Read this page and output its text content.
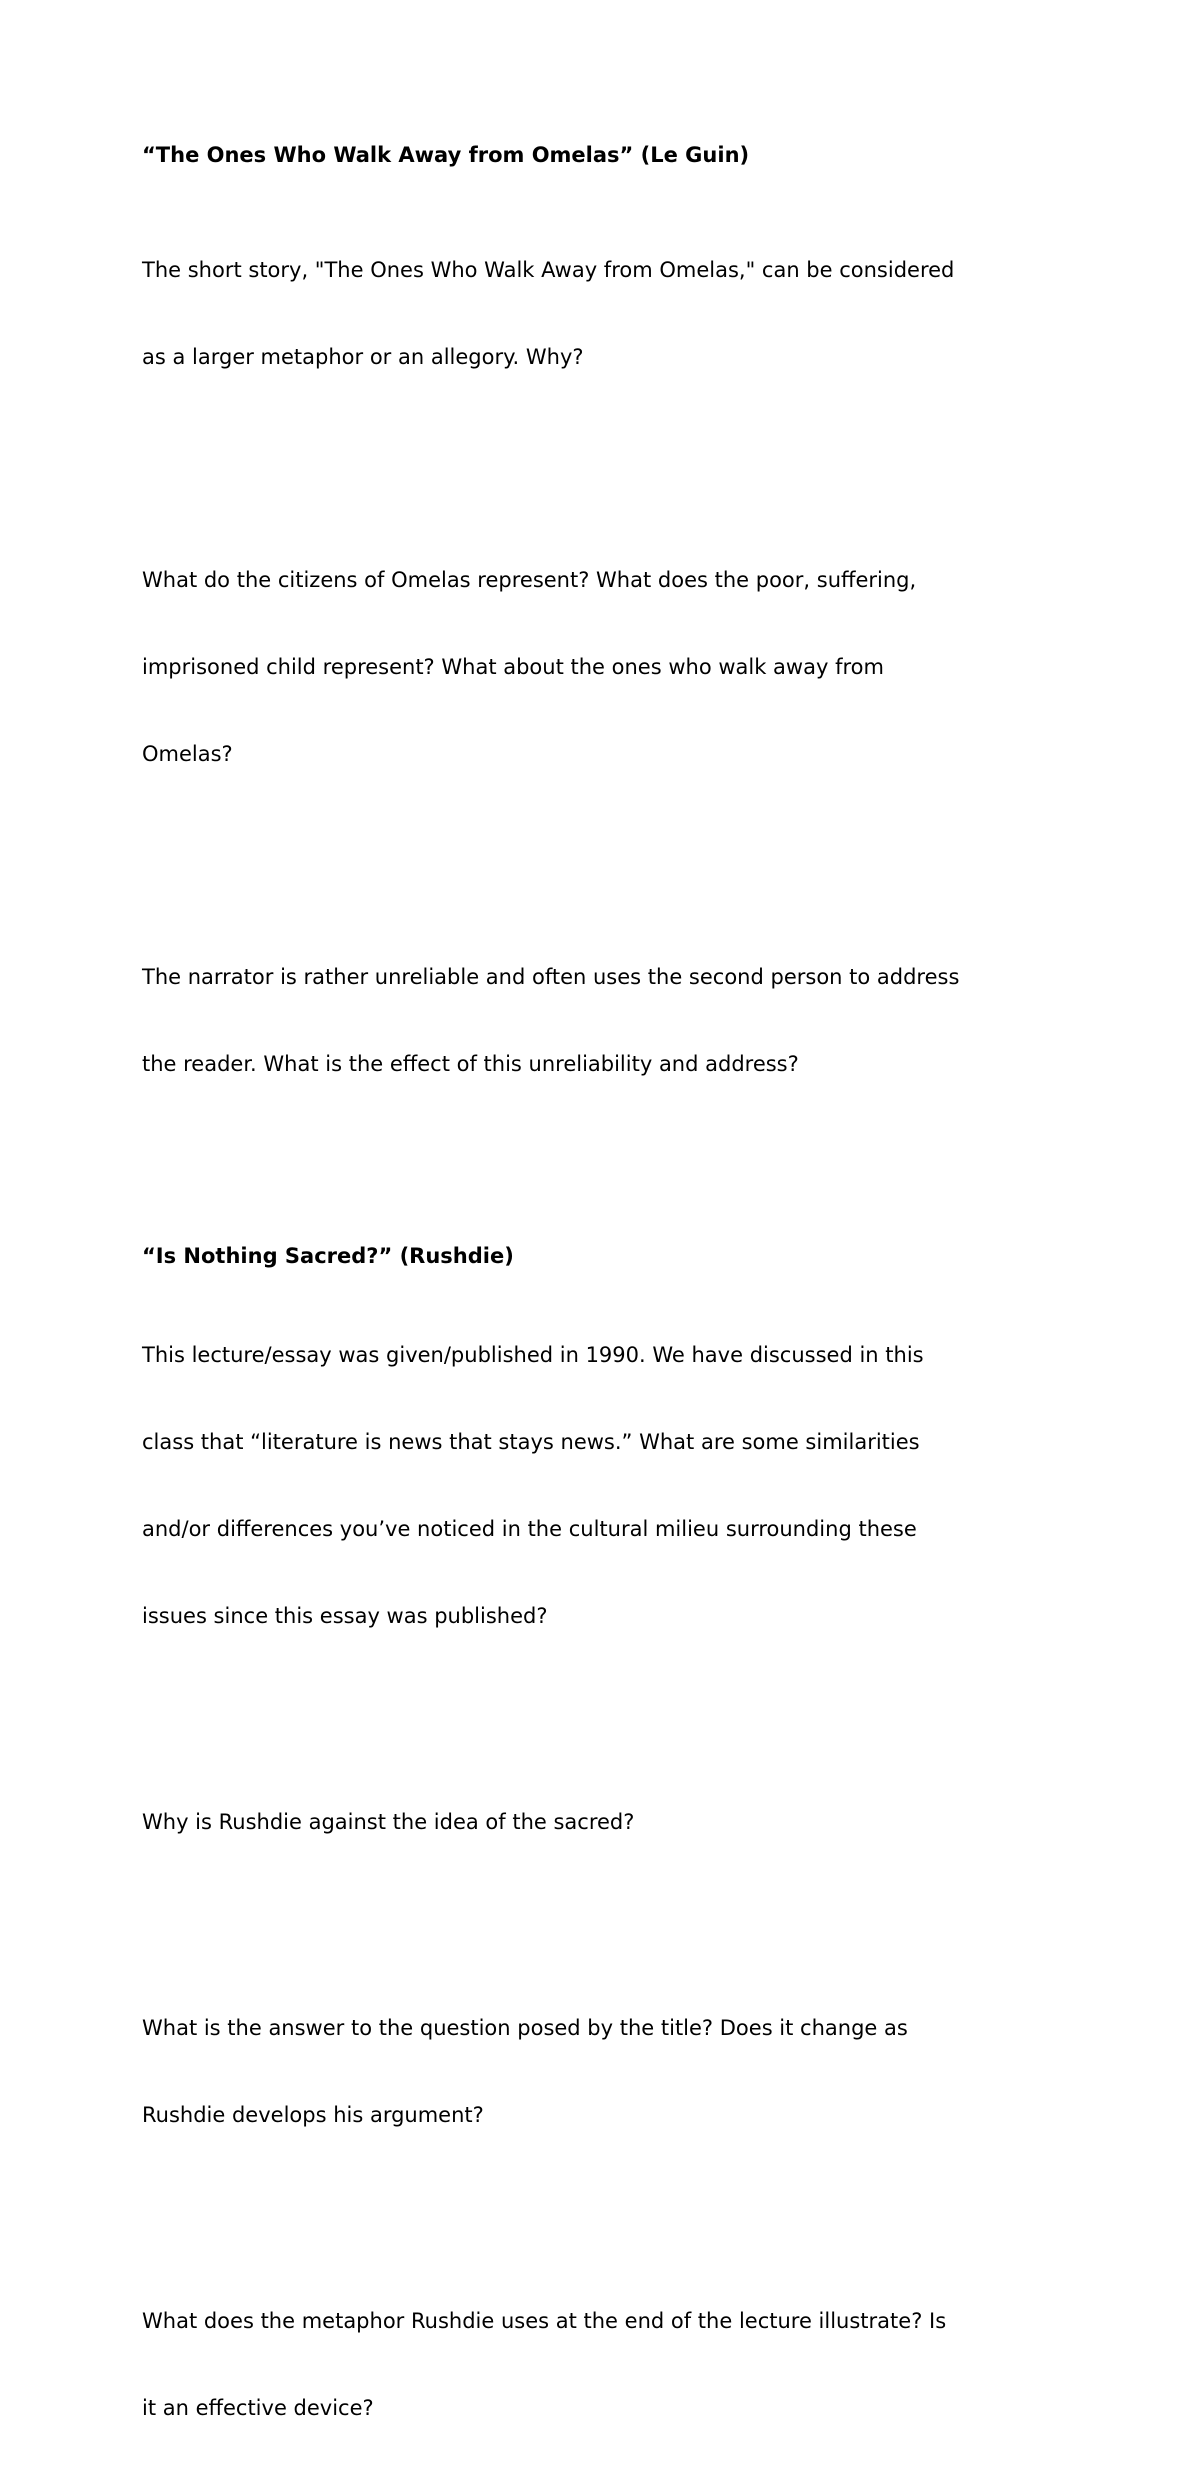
“The Ones Who Walk Away from Omelas” (Le Guin)

The short story, "The Ones Who Walk Away from Omelas," can be considered

as a larger metaphor or an allegory. Why?

What do the citizens of Omelas represent? What does the poor, suffering,

imprisoned child represent? What about the ones who walk away from

Omelas?

The narrator is rather unreliable and often uses the second person to address

the reader. What is the effect of this unreliability and address?

“Is Nothing Sacred?” (Rushdie)

This lecture/essay was given/published in 1990. We have discussed in this

class that “literature is news that stays news.” What are some similarities

and/or differences you’ve noticed in the cultural milieu surrounding these

issues since this essay was published?

Why is Rushdie against the idea of the sacred?

What is the answer to the question posed by the title? Does it change as

Rushdie develops his argument?

What does the metaphor Rushdie uses at the end of the lecture illustrate? Is

it an effective device?
